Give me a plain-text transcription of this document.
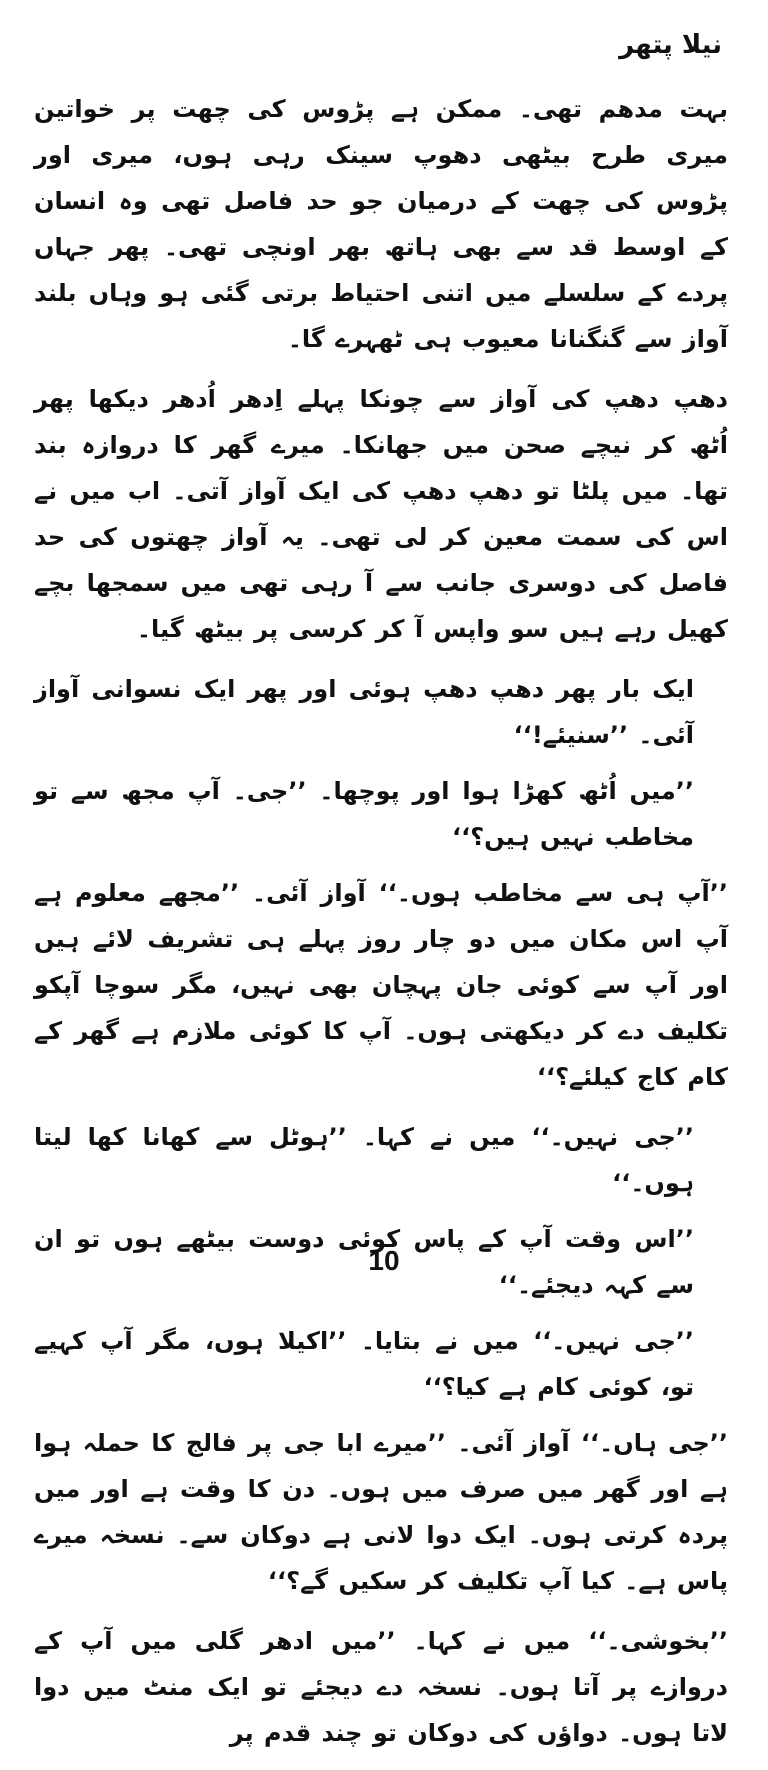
نیلا پتھر

بہت مدھم تھی۔ ممکن ہے پڑوس کی چھت پر خواتین میری طرح بیٹھی دھوپ سینک رہی ہوں، میری اور پڑوس کی چھت کے درمیان جو حد فاصل تھی وہ انسان کے اوسط قد سے بھی ہاتھ بھر اونچی تھی۔ پھر جہاں پردے کے سلسلے میں اتنی احتیاط برتی گئی ہو وہاں بلند آواز سے گنگنانا معیوب ہی ٹھہرے گا۔

دھپ دھپ کی آواز سے چونکا پہلے اِدھر اُدھر دیکھا پھر اُٹھ کر نیچے صحن میں جھانکا۔ میرے گھر کا دروازہ بند تھا۔ میں پلٹا تو دھپ دھپ کی ایک آواز آتی۔ اب میں نے اس کی سمت معین کر لی تھی۔ یہ آواز چھتوں کی حد فاصل کی دوسری جانب سے آ رہی تھی میں سمجھا بچے کھیل رہے ہیں سو واپس آ کر کرسی پر بیٹھ گیا۔

ایک بار پھر دھپ دھپ ہوئی اور پھر ایک نسوانی آواز آئی۔ ’’سنیئے!‘‘

’’میں اُٹھ کھڑا ہوا اور پوچھا۔ ’’جی۔ آپ مجھ سے تو مخاطب نہیں ہیں؟‘‘

’’آپ ہی سے مخاطب ہوں۔‘‘ آواز آئی۔ ’’مجھے معلوم ہے آپ اس مکان میں دو چار روز پہلے ہی تشریف لائے ہیں اور آپ سے کوئی جان پہچان بھی نہیں، مگر سوچا آپکو تکلیف دے کر دیکھتی ہوں۔ آپ کا کوئی ملازم ہے گھر کے کام کاج کیلئے؟‘‘

’’جی نہیں۔‘‘ میں نے کہا۔ ’’ہوٹل سے کھانا کھا لیتا ہوں۔‘‘

’’اس وقت آپ کے پاس کوئی دوست بیٹھے ہوں تو ان سے کہہ دیجئے۔‘‘

’’جی نہیں۔‘‘ میں نے بتایا۔ ’’اکیلا ہوں، مگر آپ کہیے تو، کوئی کام ہے کیا؟‘‘

’’جی ہاں۔‘‘ آواز آئی۔ ’’میرے ابا جی پر فالج کا حملہ ہوا ہے اور گھر میں صرف میں ہوں۔ دن کا وقت ہے اور میں پردہ کرتی ہوں۔ ایک دوا لانی ہے دوکان سے۔ نسخہ میرے پاس ہے۔ کیا آپ تکلیف کر سکیں گے؟‘‘

’’بخوشی۔‘‘ میں نے کہا۔ ’’میں ادھر گلی میں آپ کے دروازے پر آتا ہوں۔ نسخہ دے دیجئے تو ایک منٹ میں دوا لاتا ہوں۔ دواؤں کی دوکان تو چند قدم پر

10
